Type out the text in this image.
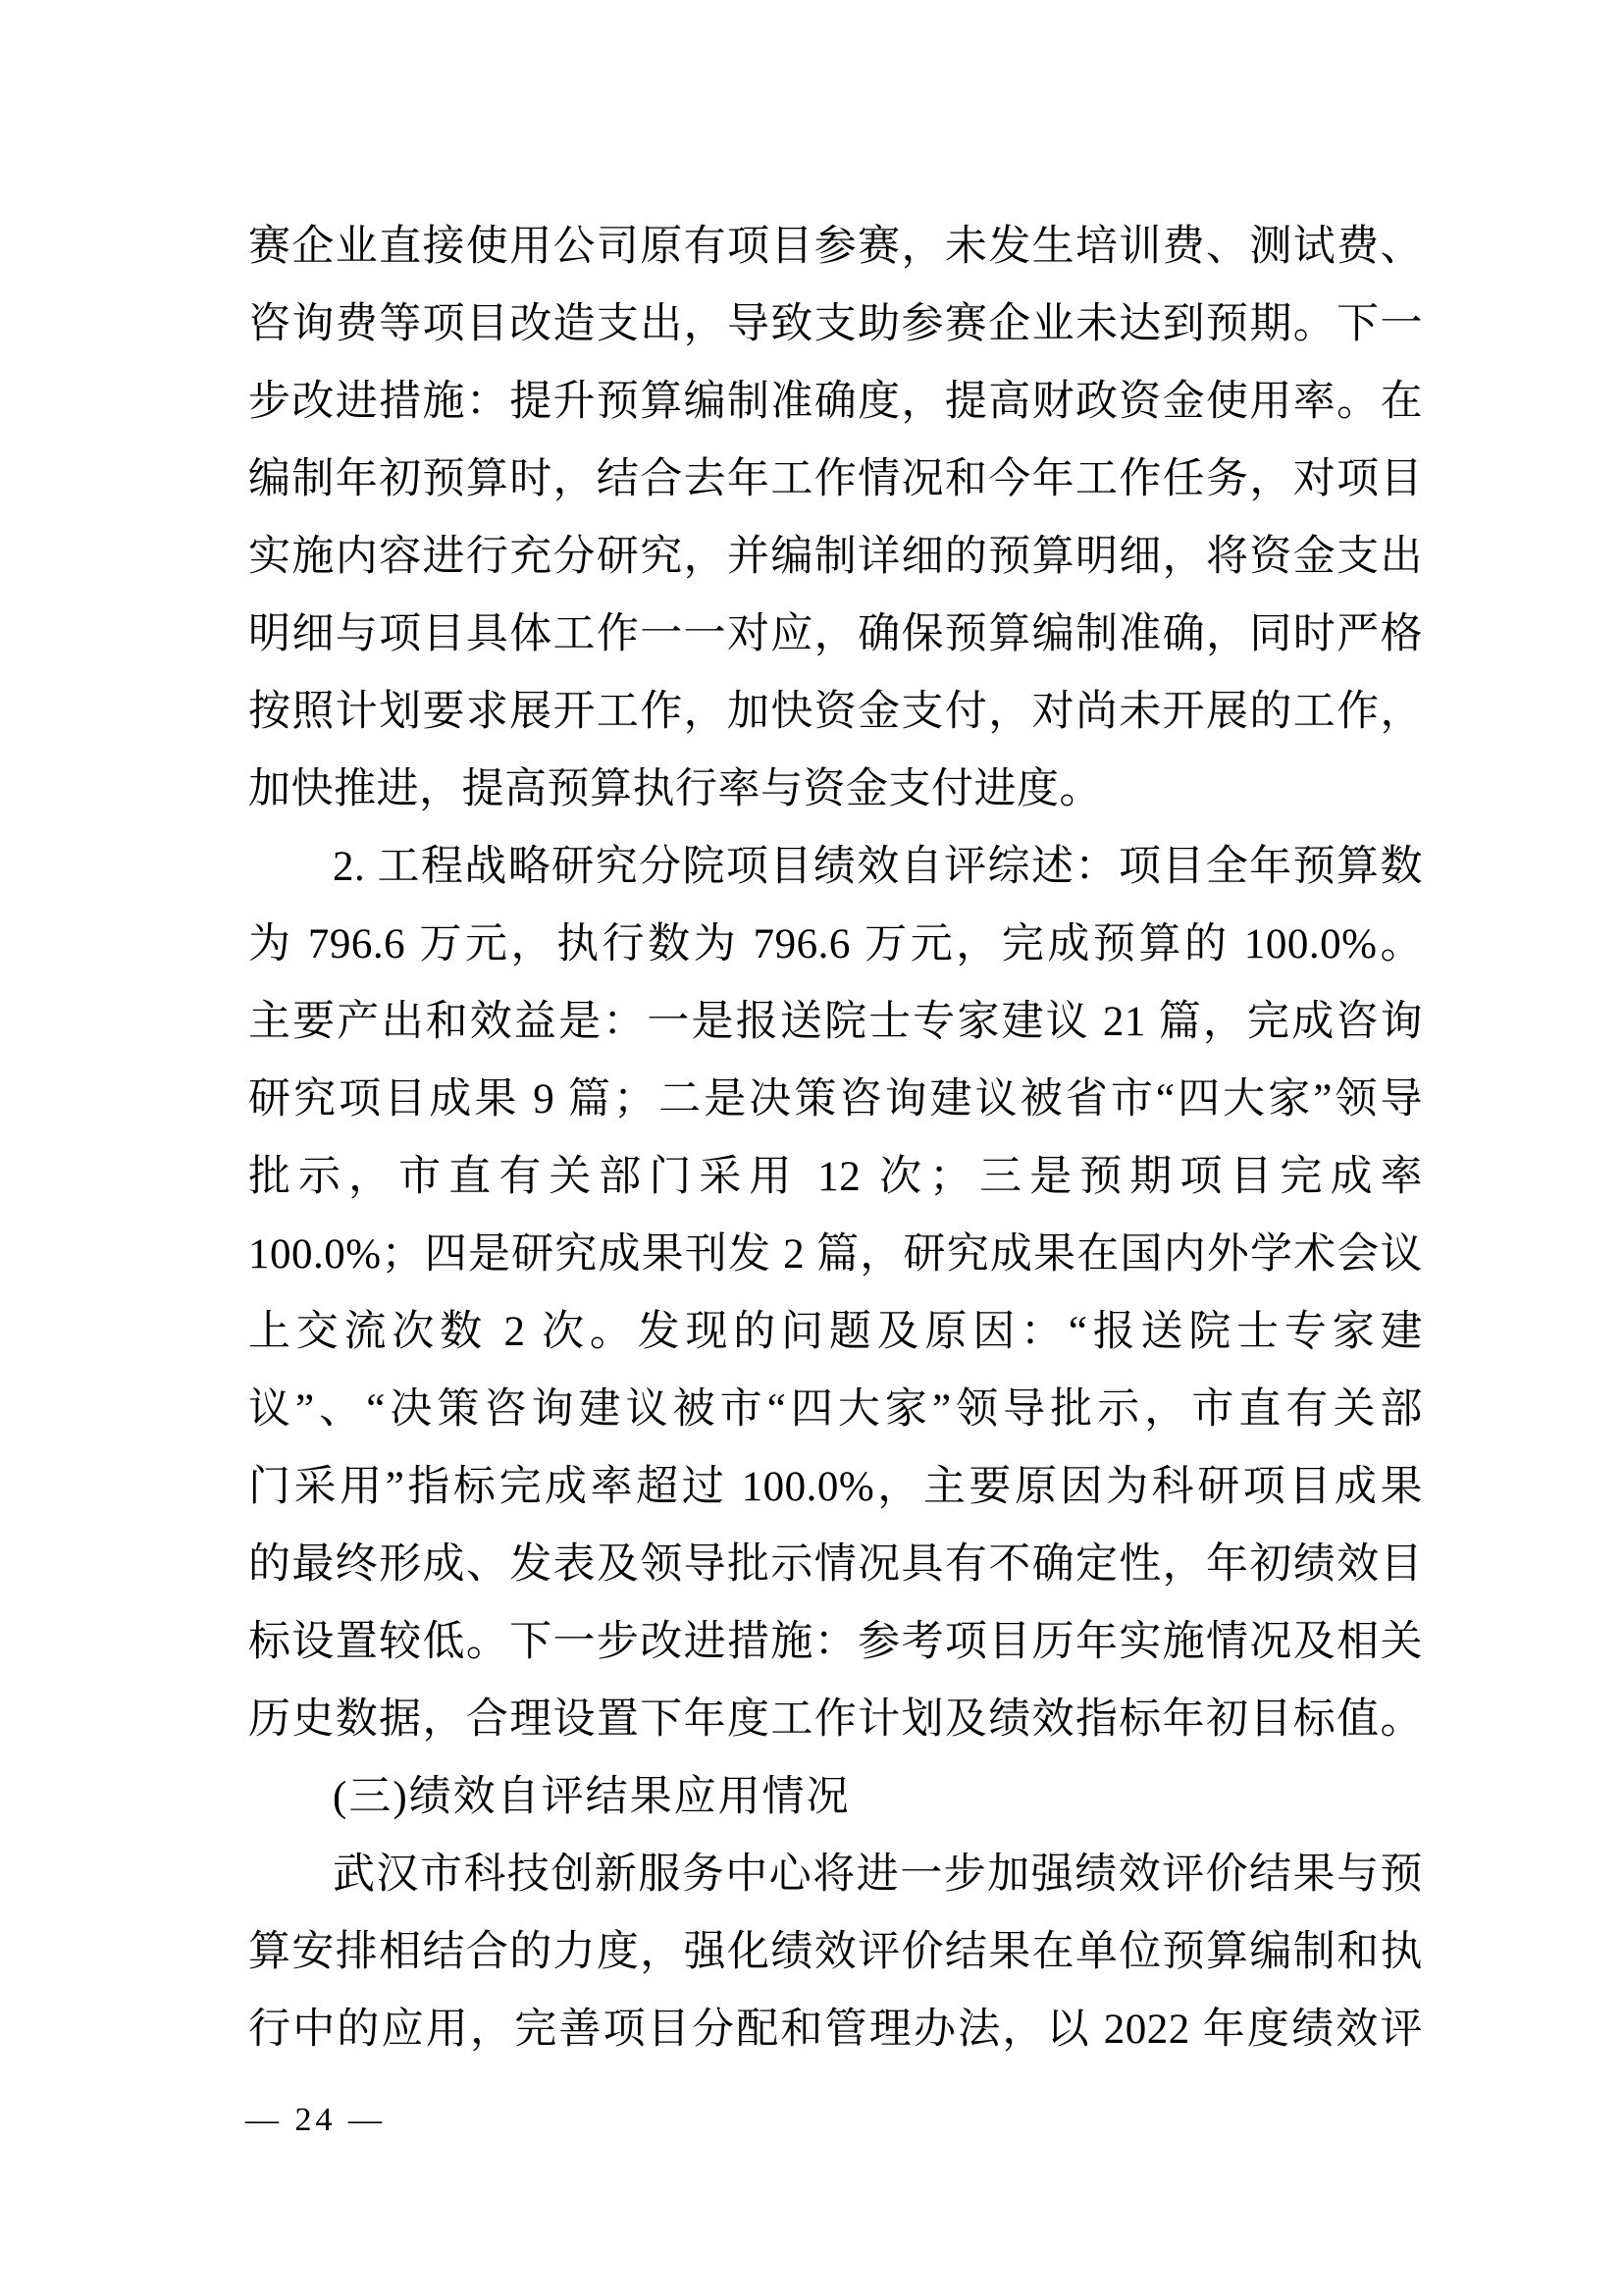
赛企业直接使用公司原有项目参赛，未发生培训费、测试费、
咨询费等项目改造支出，导致支助参赛企业未达到预期。下一
步改进措施：提升预算编制准确度，提高财政资金使用率。在
编制年初预算时，结合去年工作情况和今年工作任务，对项目
实施内容进行充分研究，并编制详细的预算明细，将资金支出
明细与项目具体工作一一对应，确保预算编制准确，同时严格
按照计划要求展开工作，加快资金支付，对尚未开展的工作，
加快推进，提高预算执行率与资金支付进度。
2. 工程战略研究分院项目绩效自评综述：项目全年预算数
为 796.6 万元，执行数为 796.6 万元，完成预算的 100.0%。
主要产出和效益是：一是报送院士专家建议 21 篇，完成咨询
研究项目成果 9 篇；二是决策咨询建议被省市“四大家”领导
批示，市直有关部门采用 12 次；三是预期项目完成率
100.0%；四是研究成果刊发 2 篇，研究成果在国内外学术会议
上交流次数 2 次。发现的问题及原因：“报送院士专家建
议”、“决策咨询建议被市“四大家”领导批示，市直有关部
门采用”指标完成率超过 100.0%，主要原因为科研项目成果
的最终形成、发表及领导批示情况具有不确定性，年初绩效目
标设置较低。下一步改进措施：参考项目历年实施情况及相关
历史数据，合理设置下年度工作计划及绩效指标年初目标值。
(三)绩效自评结果应用情况
武汉市科技创新服务中心将进一步加强绩效评价结果与预
算安排相结合的力度，强化绩效评价结果在单位预算编制和执
行中的应用，完善项目分配和管理办法，以 2022 年度绩效评
— 24 —
